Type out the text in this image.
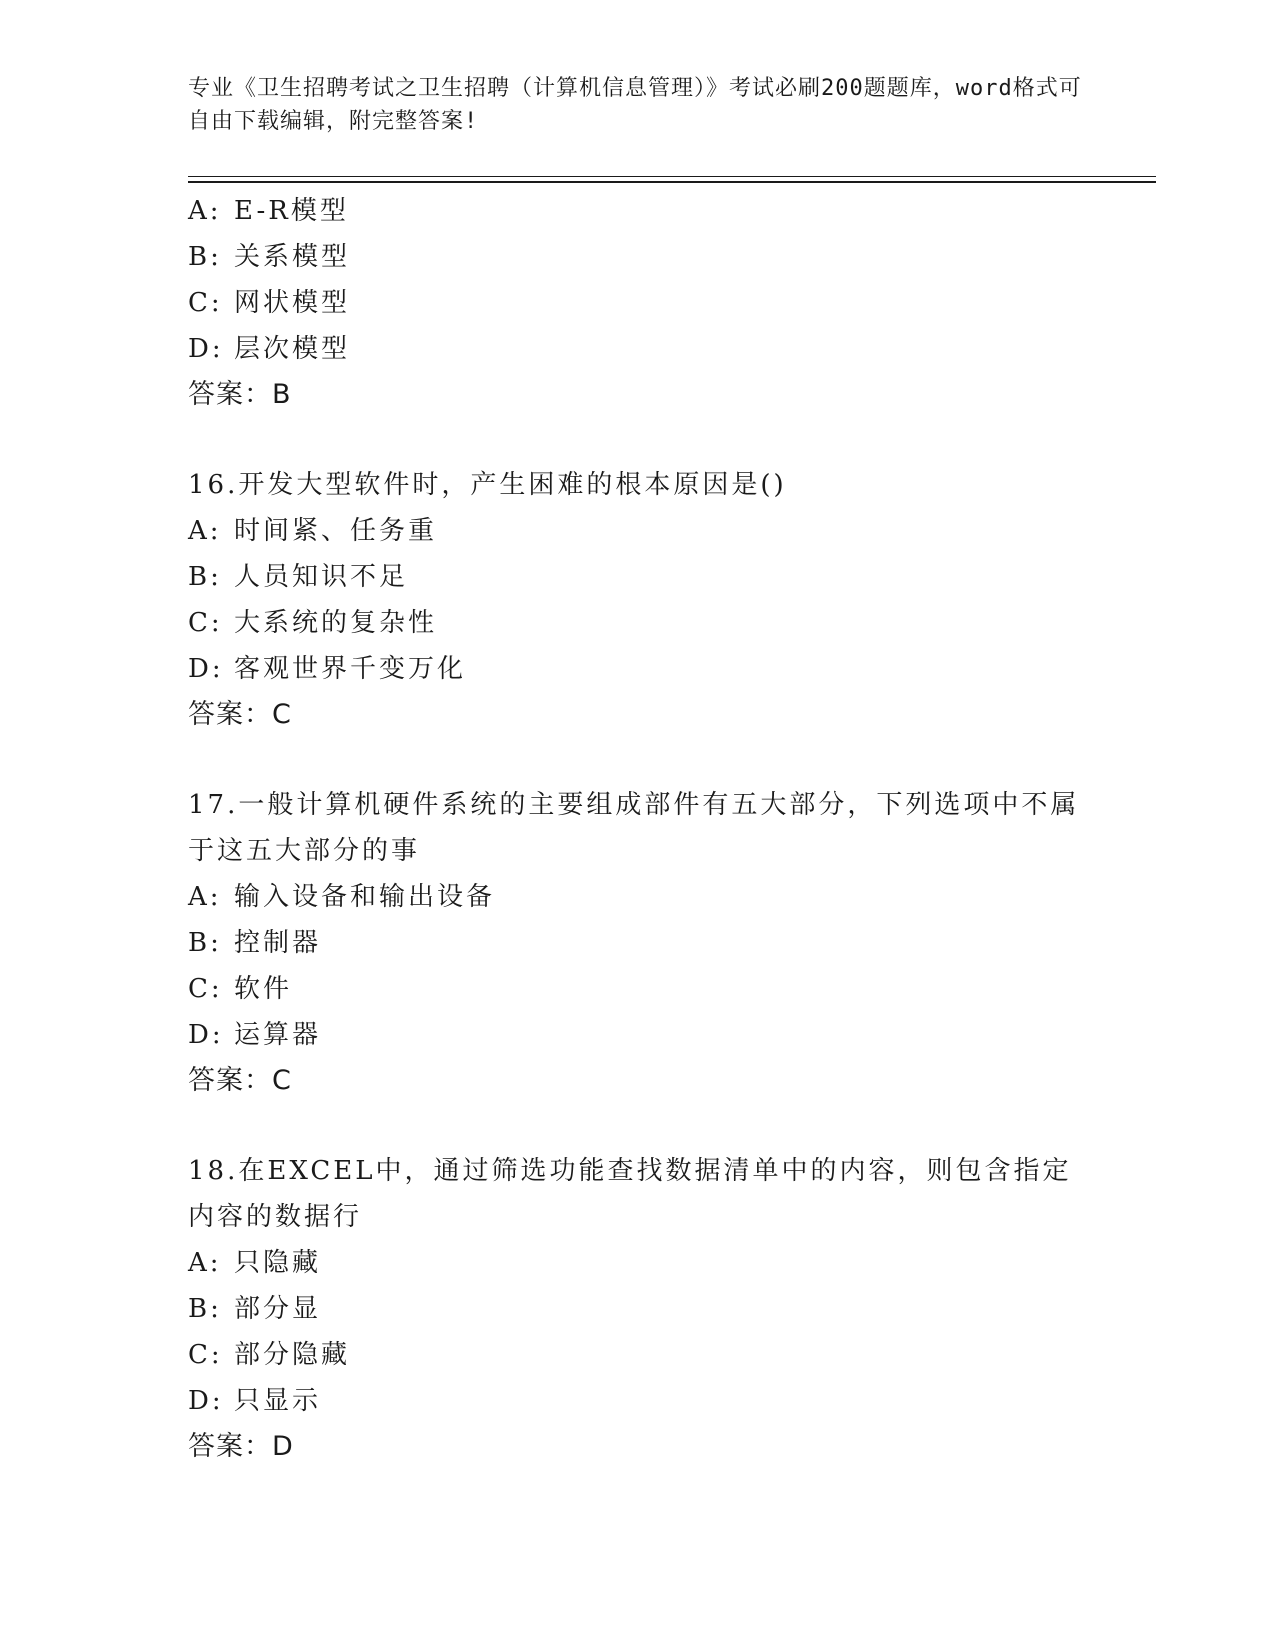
专业《卫生招聘考试之卫生招聘（计算机信息管理）》考试必刷200题题库，word格式可自由下载编辑，附完整答案!
A: E-R模型
B: 关系模型
C: 网状模型
D: 层次模型
答案：B
16.开发大型软件时，产生困难的根本原因是()
A: 时间紧、任务重
B: 人员知识不足
C: 大系统的复杂性
D: 客观世界千变万化
答案：C
17.一般计算机硬件系统的主要组成部件有五大部分，下列选项中不属于这五大部分的事
A: 输入设备和输出设备
B: 控制器
C: 软件
D: 运算器
答案：C
18.在EXCEL中，通过筛选功能查找数据清单中的内容，则包含指定内容的数据行
A: 只隐藏
B: 部分显
C: 部分隐藏
D: 只显示
答案：D
